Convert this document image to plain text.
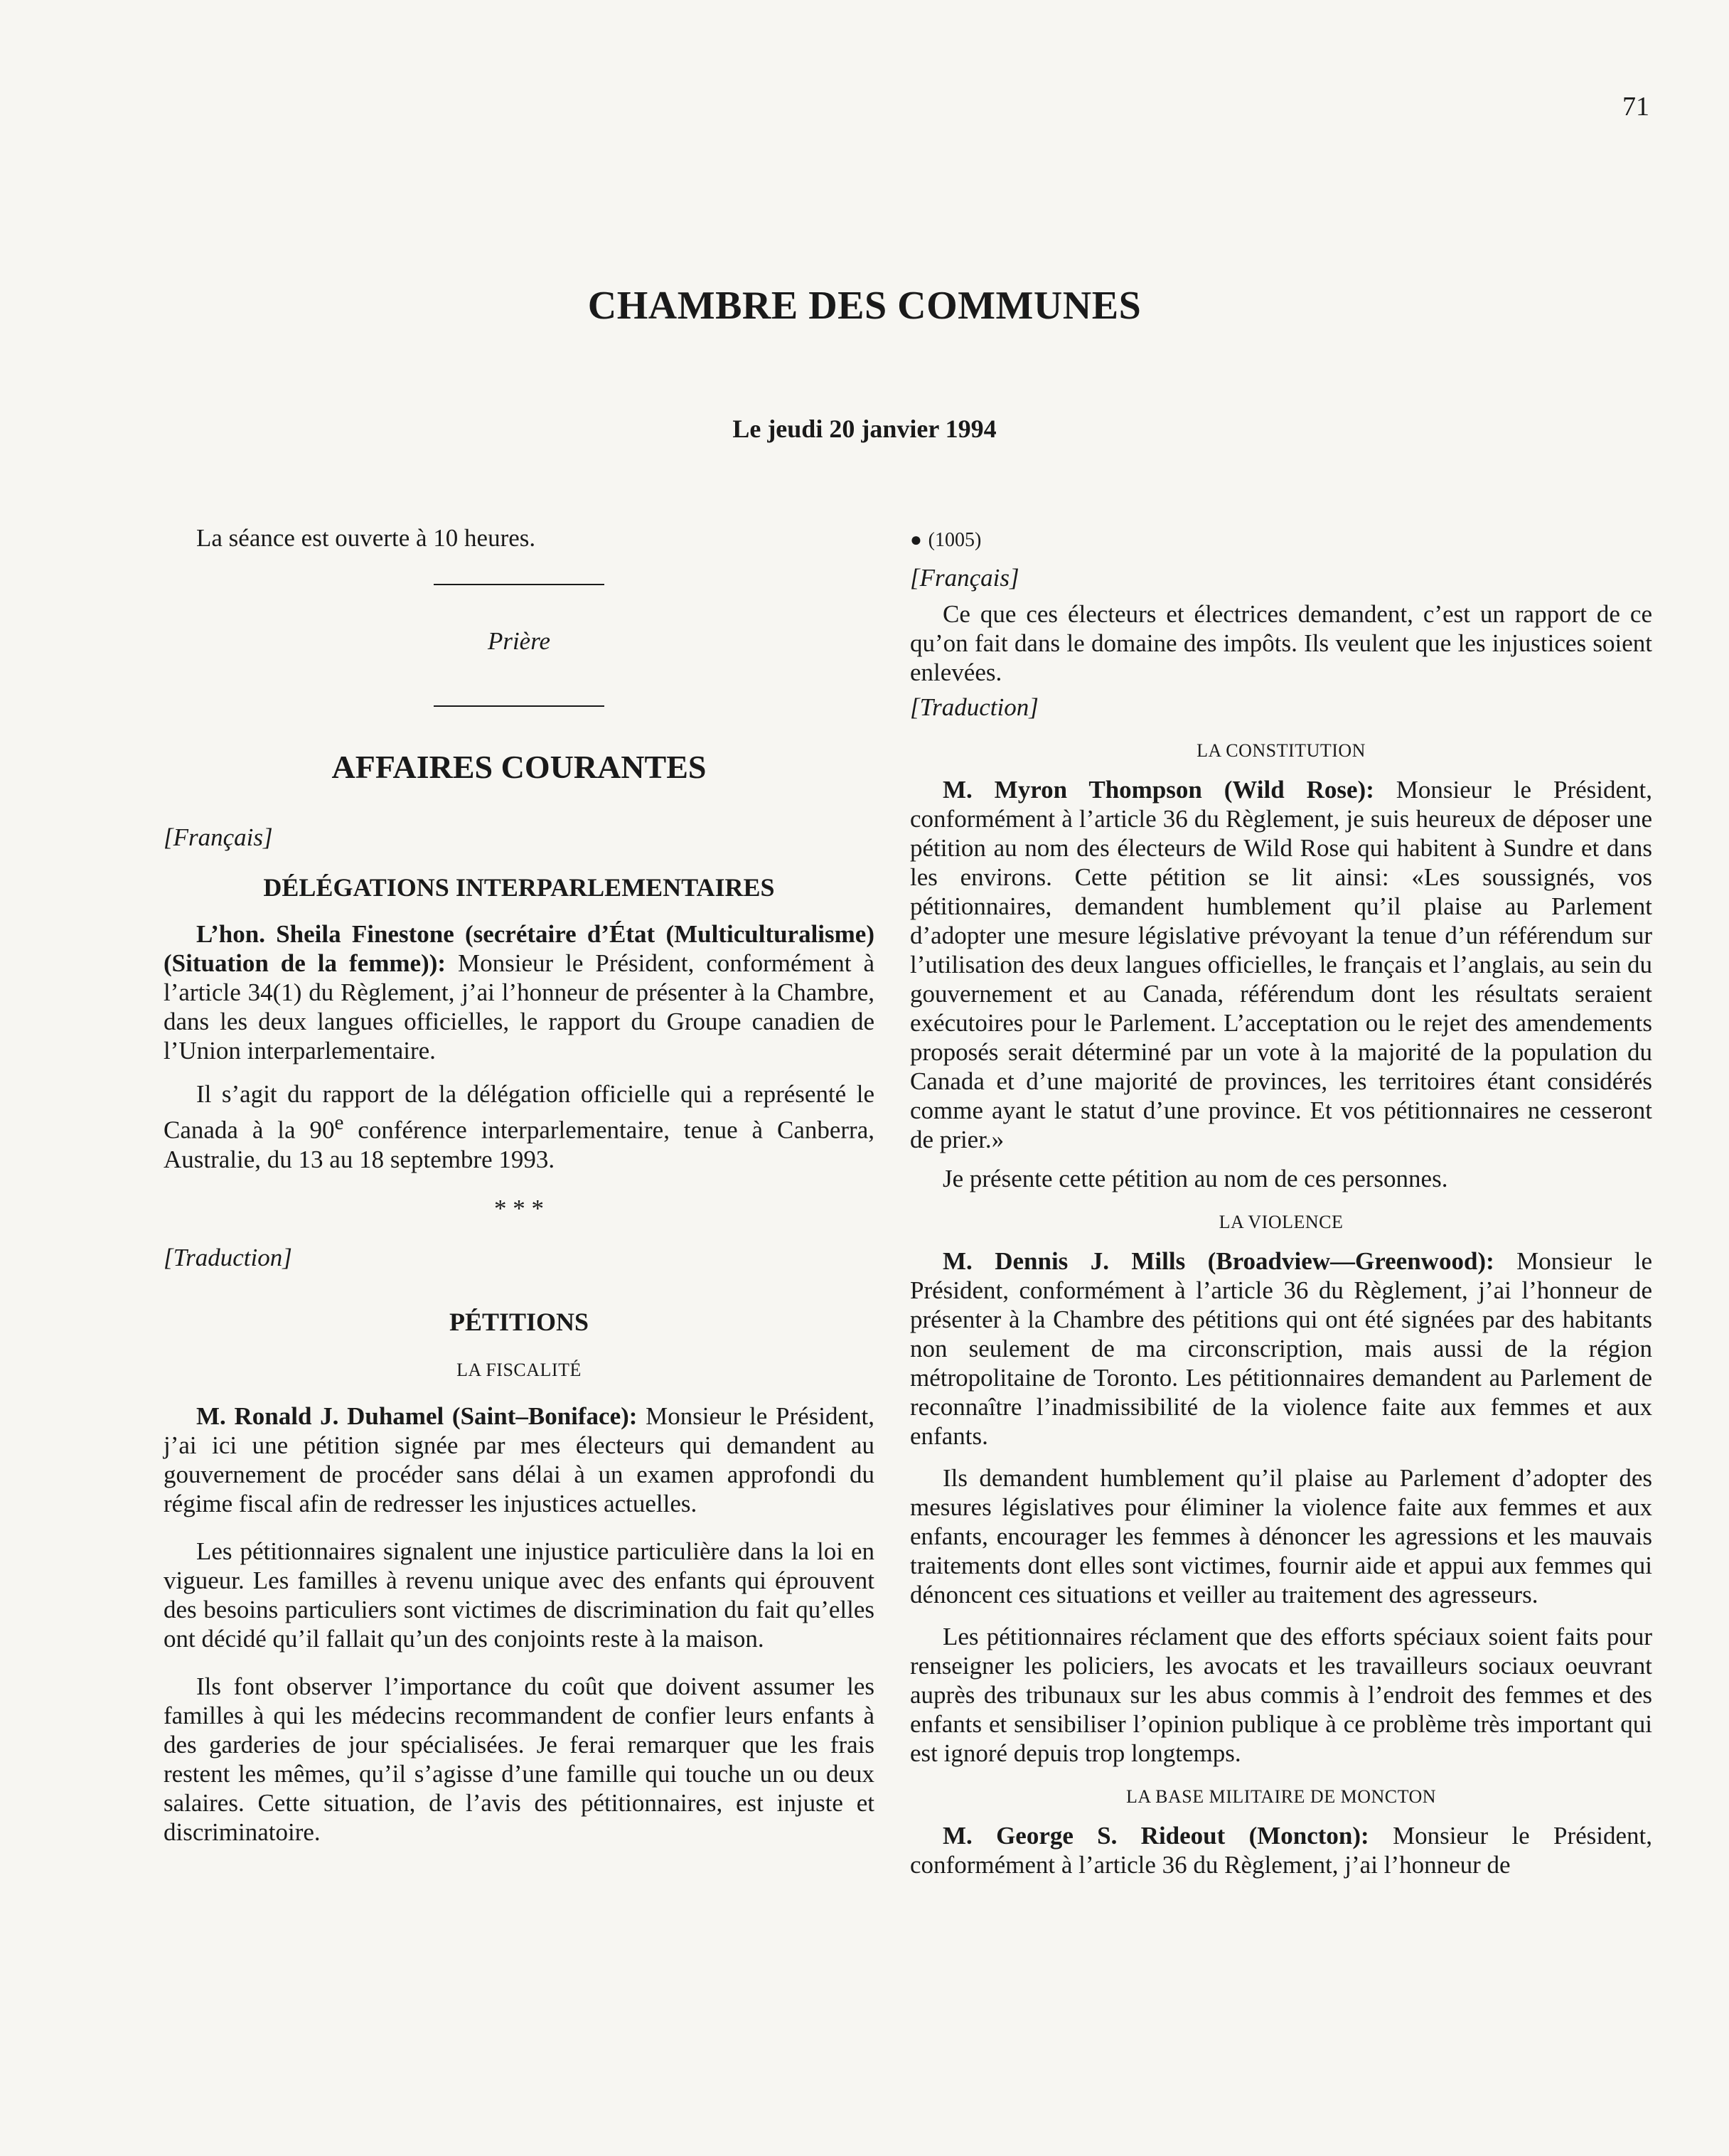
71
CHAMBRE DES COMMUNES
Le jeudi 20 janvier 1994

La séance est ouverte à 10 heures.

Prière

AFFAIRES COURANTES

[Français]

DÉLÉGATIONS INTERPARLEMENTAIRES

L’hon. Sheila Finestone (secrétaire d’État (Multiculturalisme) (Situation de la femme)): Monsieur le Président, conformément à l’article 34(1) du Règlement, j’ai l’honneur de présenter à la Chambre, dans les deux langues officielles, le rapport du Groupe canadien de l’Union interparlementaire.

Il s’agit du rapport de la délégation officielle qui a représenté le Canada à la 90e conférence interparlementaire, tenue à Canberra, Australie, du 13 au 18 septembre 1993.

* * *

[Traduction]

PÉTITIONS

LA FISCALITÉ

M. Ronald J. Duhamel (Saint–Boniface): Monsieur le Président, j’ai ici une pétition signée par mes électeurs qui demandent au gouvernement de procéder sans délai à un examen approfondi du régime fiscal afin de redresser les injustices actuelles.

Les pétitionnaires signalent une injustice particulière dans la loi en vigueur. Les familles à revenu unique avec des enfants qui éprouvent des besoins particuliers sont victimes de discrimination du fait qu’elles ont décidé qu’il fallait qu’un des conjoints reste à la maison.

Ils font observer l’importance du coût que doivent assumer les familles à qui les médecins recommandent de confier leurs enfants à des garderies de jour spécialisées. Je ferai remarquer que les frais restent les mêmes, qu’il s’agisse d’une famille qui touche un ou deux salaires. Cette situation, de l’avis des pétitionnaires, est injuste et discriminatoire.

● (1005)

[Français]

Ce que ces électeurs et électrices demandent, c’est un rapport de ce qu’on fait dans le domaine des impôts. Ils veulent que les injustices soient enlevées.

[Traduction]

LA CONSTITUTION

M. Myron Thompson (Wild Rose): Monsieur le Président, conformément à l’article 36 du Règlement, je suis heureux de déposer une pétition au nom des électeurs de Wild Rose qui habitent à Sundre et dans les environs. Cette pétition se lit ainsi: «Les soussignés, vos pétitionnaires, demandent humblement qu’il plaise au Parlement d’adopter une mesure législative prévoyant la tenue d’un référendum sur l’utilisation des deux langues officielles, le français et l’anglais, au sein du gouvernement et au Canada, référendum dont les résultats seraient exécutoires pour le Parlement. L’acceptation ou le rejet des amendements proposés serait déterminé par un vote à la majorité de la population du Canada et d’une majorité de provinces, les territoires étant considérés comme ayant le statut d’une province. Et vos pétitionnaires ne cesseront de prier.»

Je présente cette pétition au nom de ces personnes.

LA VIOLENCE

M. Dennis J. Mills (Broadview—Greenwood): Monsieur le Président, conformément à l’article 36 du Règlement, j’ai l’honneur de présenter à la Chambre des pétitions qui ont été signées par des habitants non seulement de ma circonscription, mais aussi de la région métropolitaine de Toronto. Les pétitionnaires demandent au Parlement de reconnaître l’inadmissibilité de la violence faite aux femmes et aux enfants.

Ils demandent humblement qu’il plaise au Parlement d’adopter des mesures législatives pour éliminer la violence faite aux femmes et aux enfants, encourager les femmes à dénoncer les agressions et les mauvais traitements dont elles sont victimes, fournir aide et appui aux femmes qui dénoncent ces situations et veiller au traitement des agresseurs.

Les pétitionnaires réclament que des efforts spéciaux soient faits pour renseigner les policiers, les avocats et les travailleurs sociaux oeuvrant auprès des tribunaux sur les abus commis à l’endroit des femmes et des enfants et sensibiliser l’opinion publique à ce problème très important qui est ignoré depuis trop longtemps.

LA BASE MILITAIRE DE MONCTON

M. George S. Rideout (Moncton): Monsieur le Président, conformément à l’article 36 du Règlement, j’ai l’honneur de
